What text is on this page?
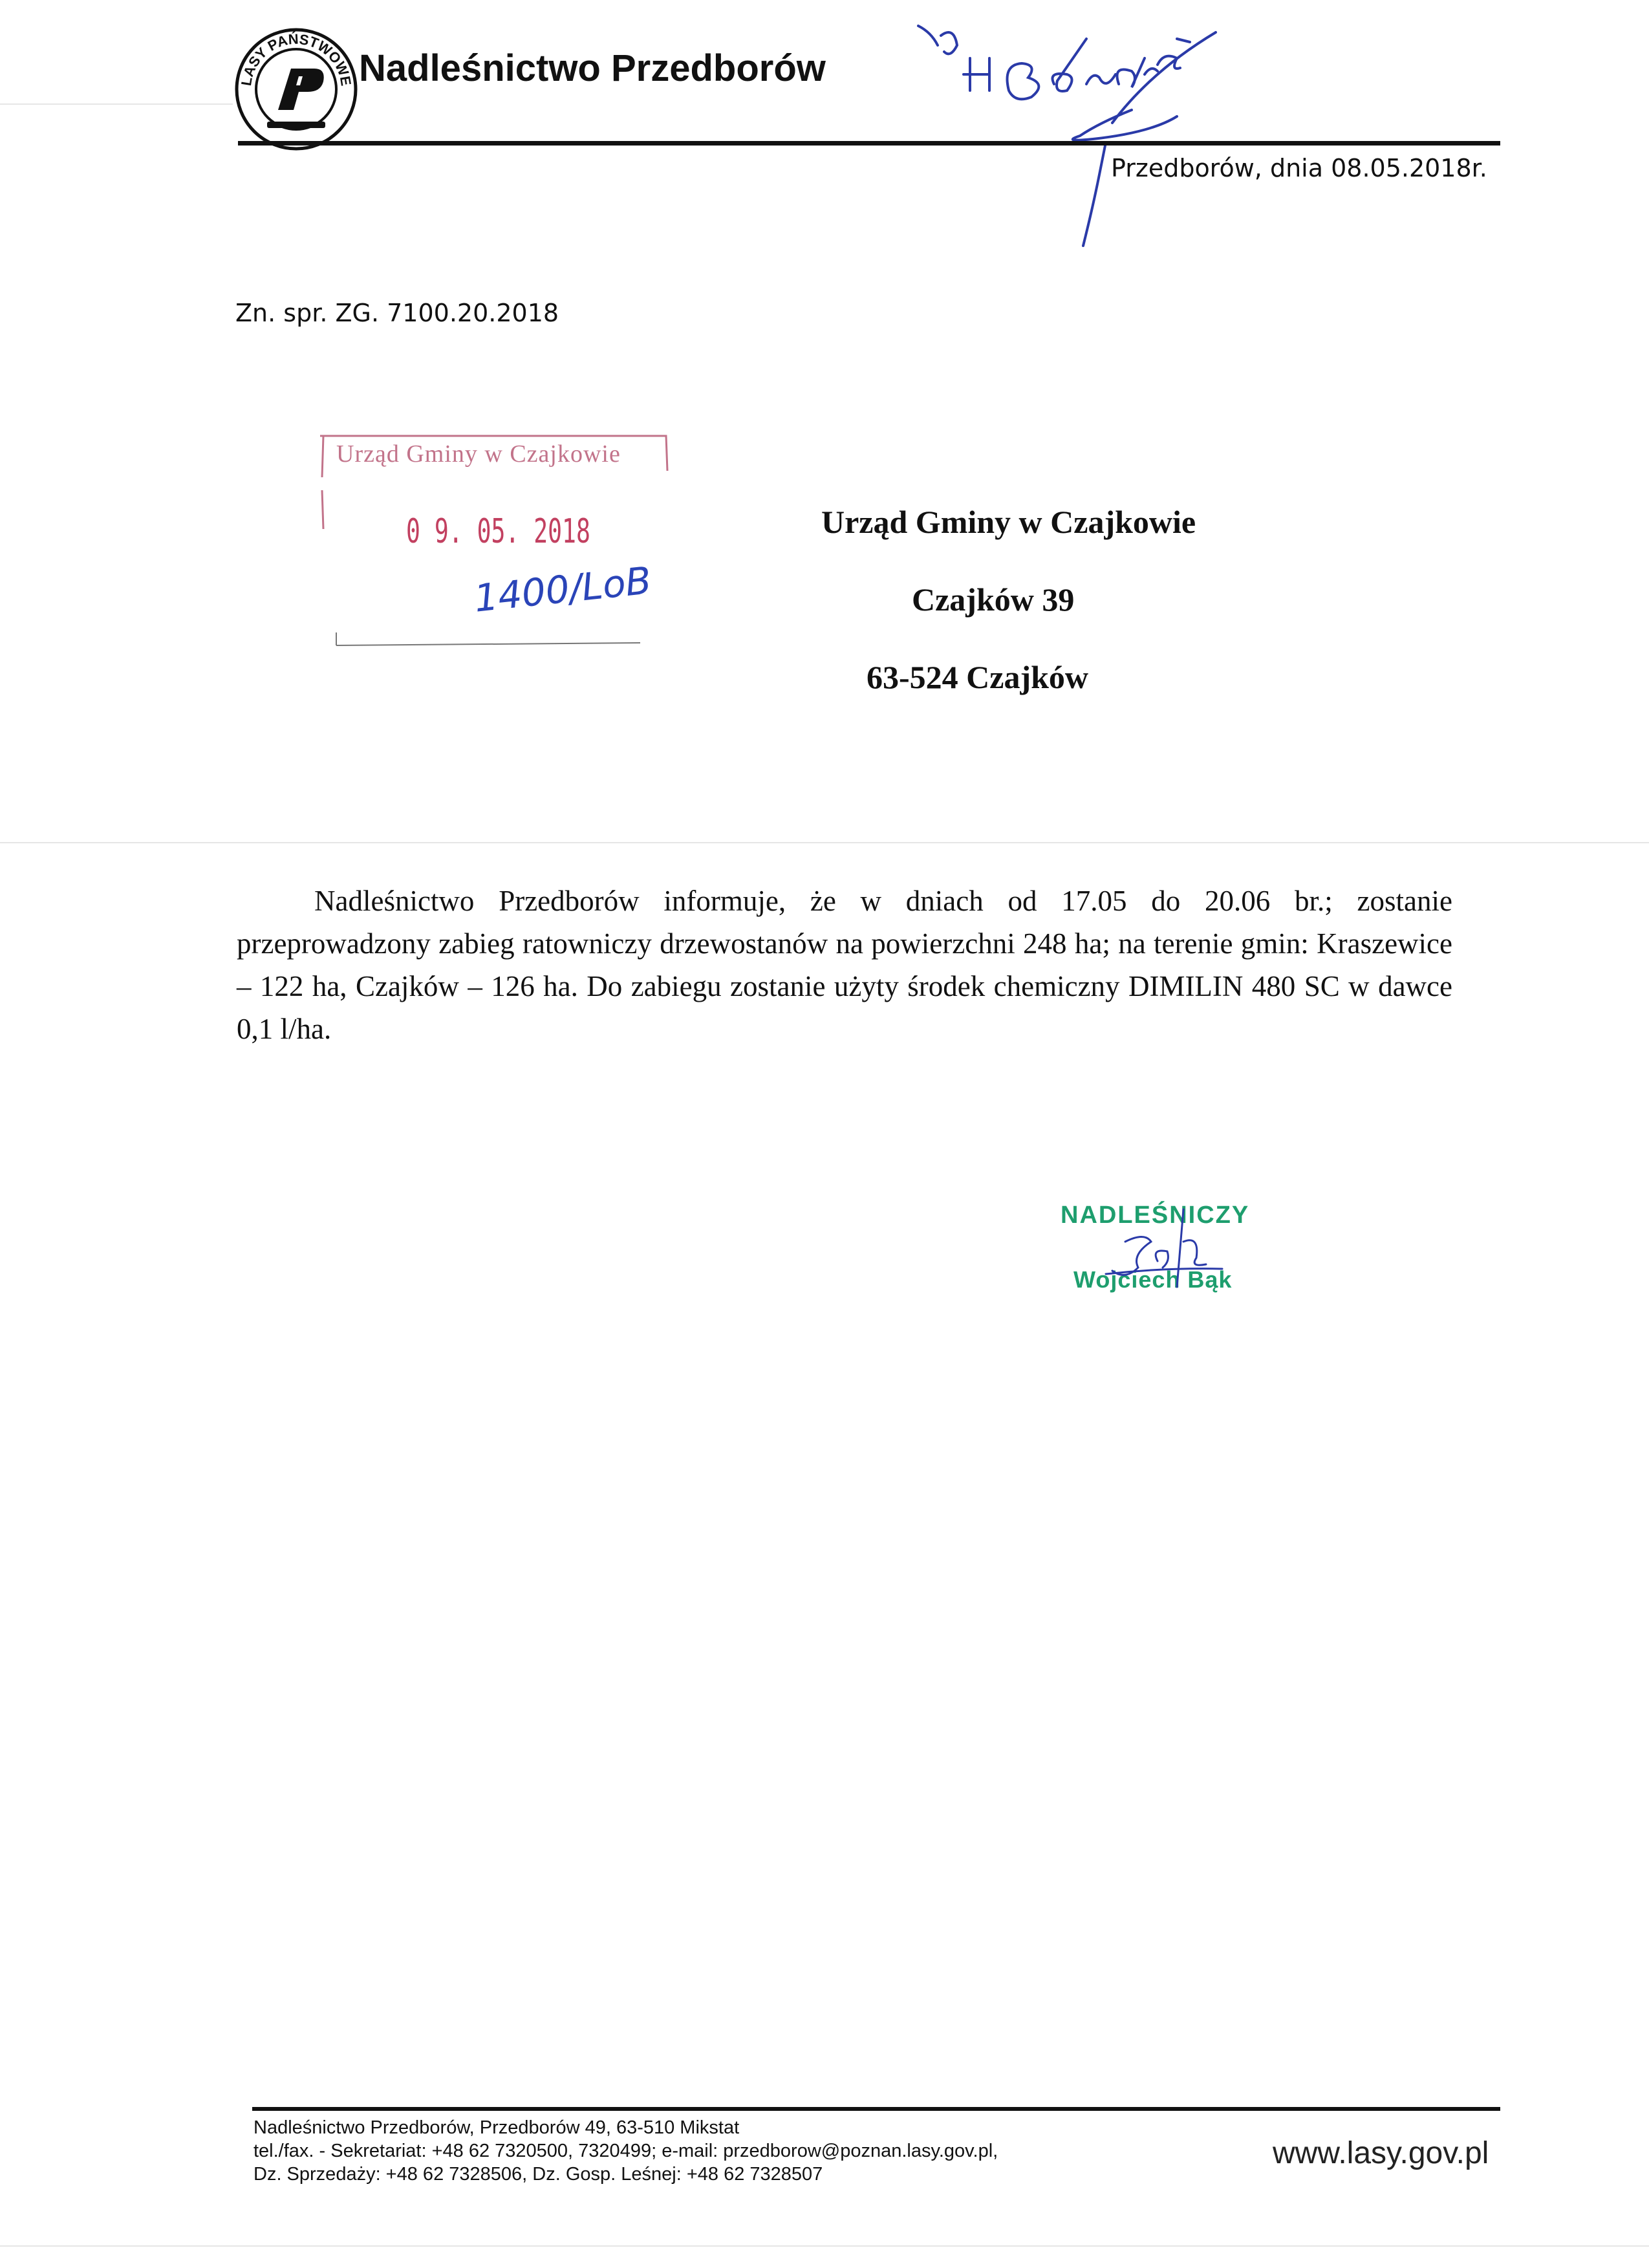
LASY PAŃSTWOWE Nadleśnictwo Przedborów
Przedborów, dnia 08.05.2018r.
Zn. spr. ZG. 7100.20.2018
Urząd Gminy w Czajkowie
0 9. 05. 2018
1400/LoB
Urząd Gminy w Czajkowie
Czajków 39
63-524 Czajków
Nadleśnictwo Przedborów informuje, że w dniach od 17.05 do 20.06 br.; zostanie przeprowadzony zabieg ratowniczy drzewostanów na powierzchni 248 ha; na terenie gmin: Kraszewice – 122 ha, Czajków – 126 ha. Do zabiegu zostanie użyty środek chemiczny DIMILIN 480 SC w dawce 0,1 l/ha.
NADLEŚNICZY
Wojciech Bąk
Nadleśnictwo Przedborów, Przedborów 49, 63-510 Mikstat
tel./fax. - Sekretariat: +48 62 7320500, 7320499; e-mail: przedborow@poznan.lasy.gov.pl,
Dz. Sprzedaży: +48 62 7328506, Dz. Gosp. Leśnej: +48 62 7328507
www.lasy.gov.pl
